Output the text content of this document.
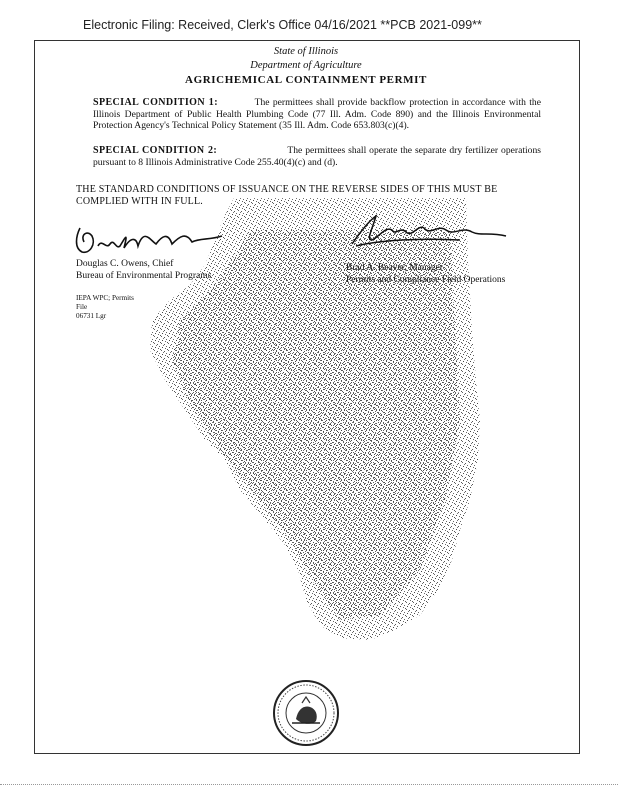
Electronic Filing: Received, Clerk's Office 04/16/2021 **PCB 2021-099**
State of Illinois
Department of Agriculture
AGRICHEMICAL CONTAINMENT PERMIT
SPECIAL CONDITION 1:	The permittees shall provide backflow protection in accordance with the Illinois Department of Public Health Plumbing Code (77 Ill. Adm. Code 890) and the Illinois Environmental Protection Agency's Technical Policy Statement (35 Ill. Adm. Code 653.803(c)(4).
SPECIAL CONDITION 2:	The permittees shall operate the separate dry fertilizer operations pursuant to 8 Illinois Administrative Code 255.40(4)(c) and (d).
THE STANDARD CONDITIONS OF ISSUANCE ON THE REVERSE SIDES OF THIS MUST BE COMPLIED WITH IN FULL.
Douglas C. Owens, Chief
Bureau of Environmental Programs
Brad A. Beaver, Manager
Permits and Compliance Field Operations
IEPA WPC; Permits
File
06731 Lgr
